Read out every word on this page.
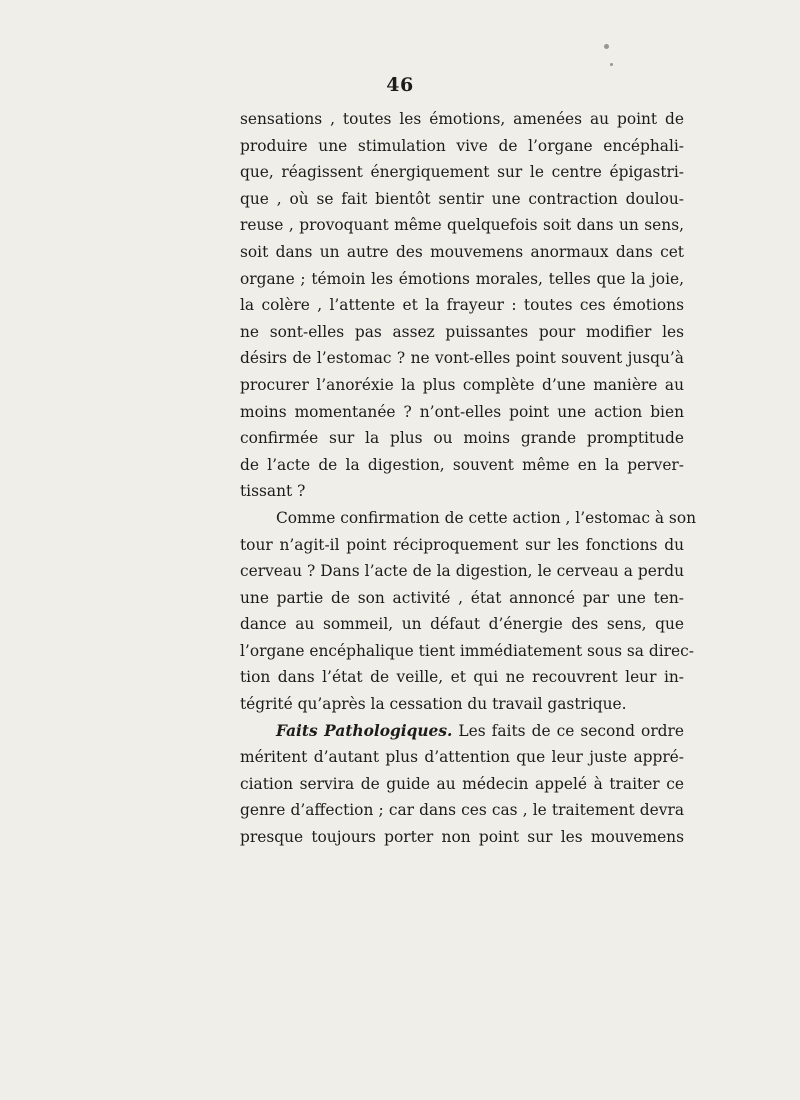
46
sensations , toutes les émotions, amenées au point de
produire une stimulation vive de l’organe encéphali-
que, réagissent énergiquement sur le centre épigastri-
que , où se fait bientôt sentir une contraction doulou-
reuse , provoquant même quelquefois soit dans un sens,
soit dans un autre des mouvemens anormaux dans cet
organe ; témoin les émotions morales, telles que la joie,
la colère , l’attente et la frayeur : toutes ces émotions
ne sont-elles pas assez puissantes pour modifier les
désirs de l’estomac ? ne vont-elles point souvent jusqu’à
procurer l’anoréxie la plus complète d’une manière au
moins momentanée ? n’ont-elles point une action bien
confirmée sur la plus ou moins grande promptitude
de l’acte de la digestion, souvent même en la perver-
tissant ?
Comme confirmation de cette action , l’estomac à son
tour n’agit-il point réciproquement sur les fonctions du
cerveau ? Dans l’acte de la digestion, le cerveau a perdu
une partie de son activité , état annoncé par une ten-
dance au sommeil, un défaut d’énergie des sens, que
l’organe encéphalique tient immédiatement sous sa direc-
tion dans l’état de veille, et qui ne recouvrent leur in-
tégrité qu’après la cessation du travail gastrique.
Faits Pathologiques. Les faits de ce second ordre
méritent d’autant plus d’attention que leur juste appré-
ciation servira de guide au médecin appelé à traiter ce
genre d’affection ; car dans ces cas , le traitement devra
presque toujours porter non point sur les mouvemens
